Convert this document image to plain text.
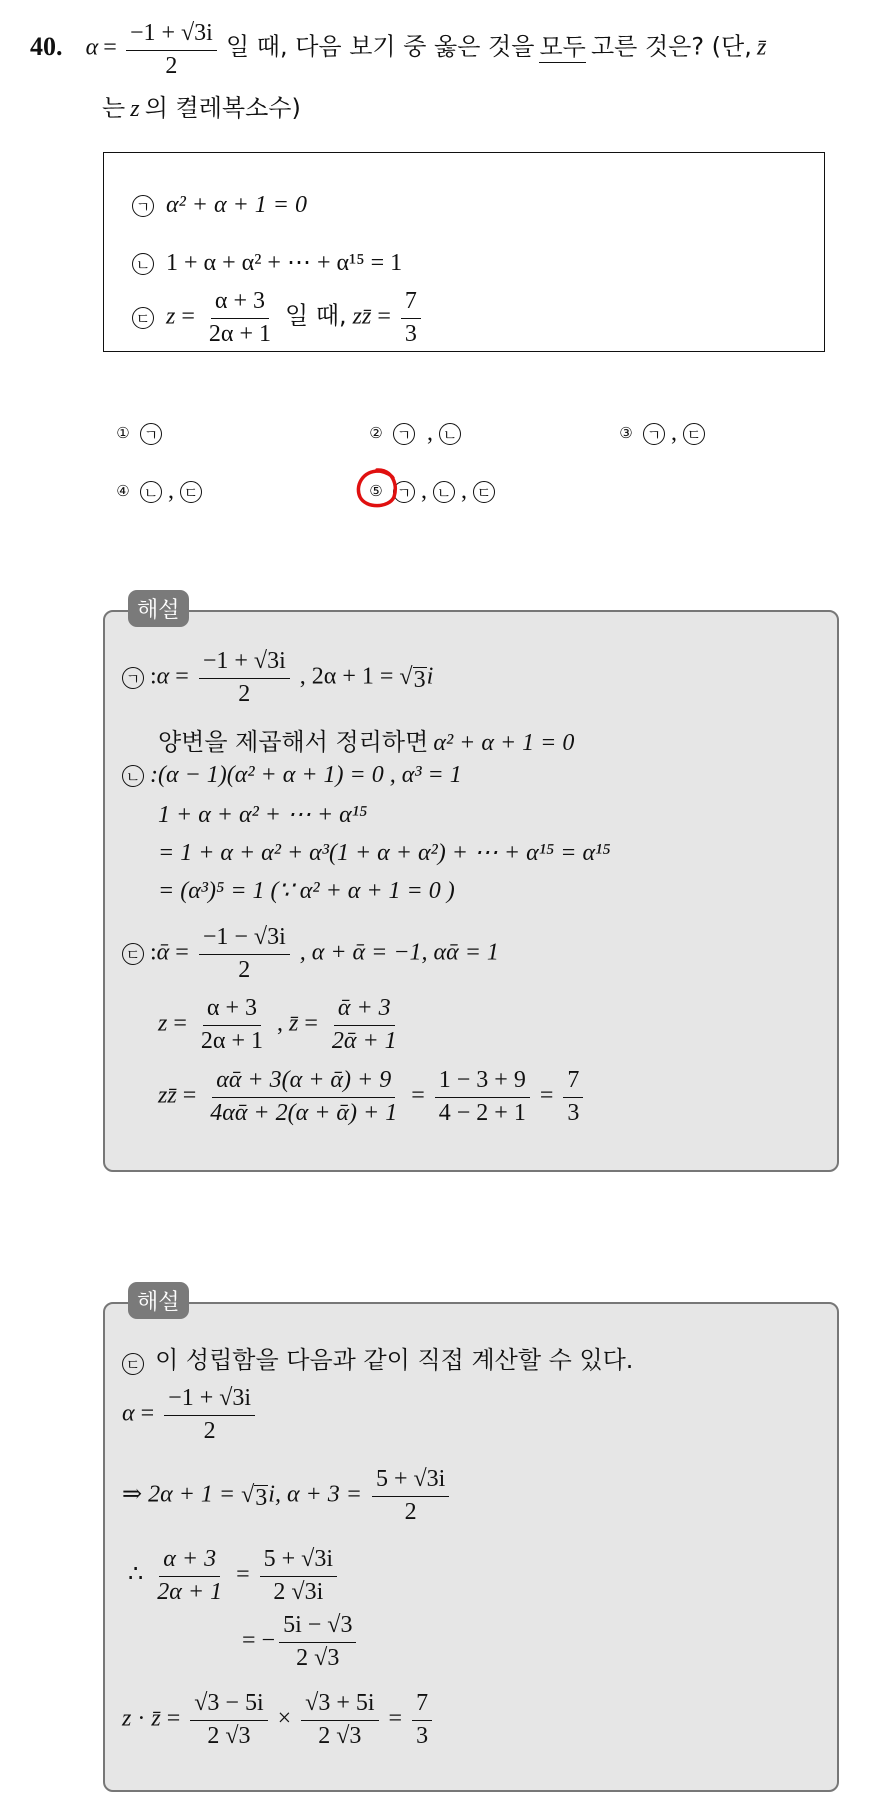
40. $\alpha = \frac{-1 + √3i}{2}$ 일 때, 다음 보기 중 옳은 것을 모두 고른 것은? (단, z̄
는 z 의 켤레복소수)
ㄱ α² + α + 1 = 0
ㄴ 1 + α + α² + ⋯ + α¹⁵ = 1
ㄷ $z = \frac{\alpha + 3}{2\alpha + 1}$ 일 때, zz̄ = $\frac{7}{3}$
① ㄱ	② ㄱ , ㄴ	③ ㄱ , ㄷ
④ ㄴ , ㄷ	⑤ ㄱ , ㄴ , ㄷ
해설
ㄱ :α = $\frac{-1 + √3i}{2}$ , 2α + 1 = √ 3 i
양변을 제곱해서 정리하면 α² + α + 1 = 0
ㄴ :(α − 1)(α² + α + 1) = 0 , α³ = 1
1 + α + α² + ⋯ + α¹⁵
= 1 + α + α² + α³(1 + α + α²) + ⋯ + α¹⁵ = α¹⁵
= (α³)⁵ = 1 (∵ α² + α + 1 = 0 )
ㄷ :ᾱ = $\frac{-1 - √3i}{2}$ , α + ᾱ = −1, αᾱ = 1
$z = \frac{\alpha + 3}{2\alpha + 1}$ , z̄ = $\frac{\text{ᾱ + 3}}{\text{2ᾱ + 1}}$
zz̄ = $\frac{\text{αᾱ + 3(α + ᾱ) + 9}}{\text{4αᾱ + 2(α + ᾱ) + 1}} = \frac{1 - 3 + 9}{4 - 2 + 1} = \frac{7}{3}$
해설
ㄷ 이 성립함을 다음과 같이 직접 계산할 수 있다.
$\alpha = \frac{-1 + √3i}{2}$
⇒ 2α + 1 = √ 3 i, $\alpha + 3 = \frac{5 + √3i}{2}$
∴ $\frac{\alpha + 3}{2\alpha + 1} = \frac{5 + √3i}{2 √3i}$
= − $\frac{5i - √3}{2 √3}$
z · z̄ = $\frac{√3 - 5i}{2 √3} \times \frac{√3 + 5i}{2 √3} = \frac{7}{3}$
